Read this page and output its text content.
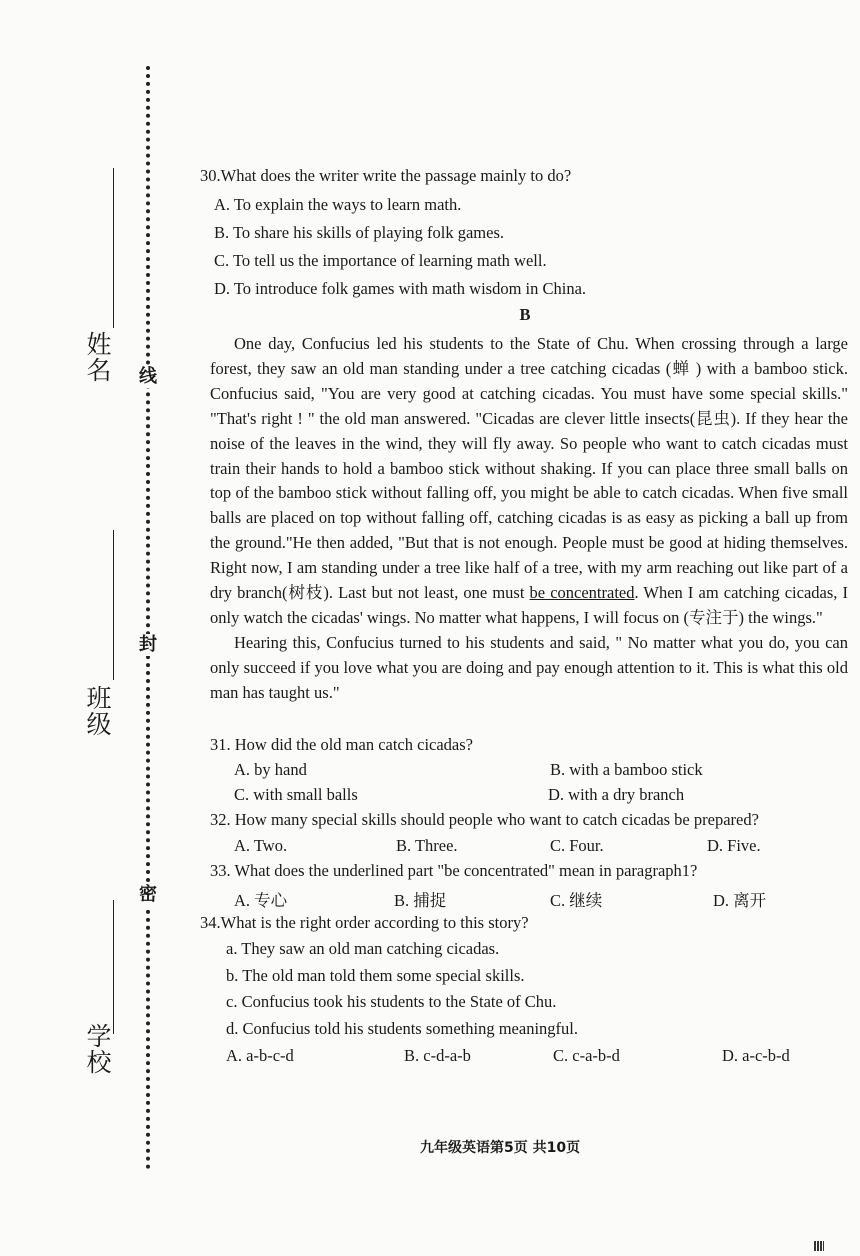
线
封
密
姓名
班级
学校
30.What does the writer write the passage mainly to do?
A. To explain the ways to learn math.
B. To share his skills of playing folk games.
C. To tell us the importance of learning math well.
D. To introduce folk games with math wisdom in China.
B

One day, Confucius led his students to the State of Chu. When crossing through a large forest, they saw an old man standing under a tree catching cicadas (蝉 ) with a bamboo stick. Confucius said, "You are very good at catching cicadas. You must have some special skills." "That's right ! " the old man answered. "Cicadas are clever little insects(昆虫). If they hear the noise of the leaves in the wind, they will fly away. So people who want to catch cicadas must train their hands to hold a bamboo stick without shaking. If you can place three small balls on top of the bamboo stick without falling off, you might be able to catch cicadas. When five small balls are placed on top without falling off, catching cicadas is as easy as picking a ball up from the ground."He then added, "But that is not enough. People must be good at hiding themselves. Right now, I am standing under a tree like half of a tree, with my arm reaching out like part of a dry branch(树枝). Last but not least, one must be concentrated. When I am catching cicadas, I only watch the cicadas' wings. No matter what happens, I will focus on (专注于) the wings."

Hearing this, Confucius turned to his students and said, " No matter what you do, you can only succeed if you love what you are doing and pay enough attention to it. This is what this old man has taught us."

31. How did the old man catch cicadas?
A. by hand	B. with a bamboo stick
C. with small balls	D. with a dry branch
32. How many special skills should people who want to catch cicadas be prepared?
A. Two.	B. Three.	C. Four.	D. Five.
33. What does the underlined part "be concentrated" mean in paragraph1?
A. 专心	B. 捕捉	C. 继续	D. 离开
34.What is the right order according to this story?
a. They saw an old man catching cicadas.
b. The old man told them some special skills.
c. Confucius took his students to the State of Chu.
d. Confucius told his students something meaningful.
A. a-b-c-d	B. c-d-a-b	C. c-a-b-d	D. a-c-b-d
九年级英语第5页 共10页
